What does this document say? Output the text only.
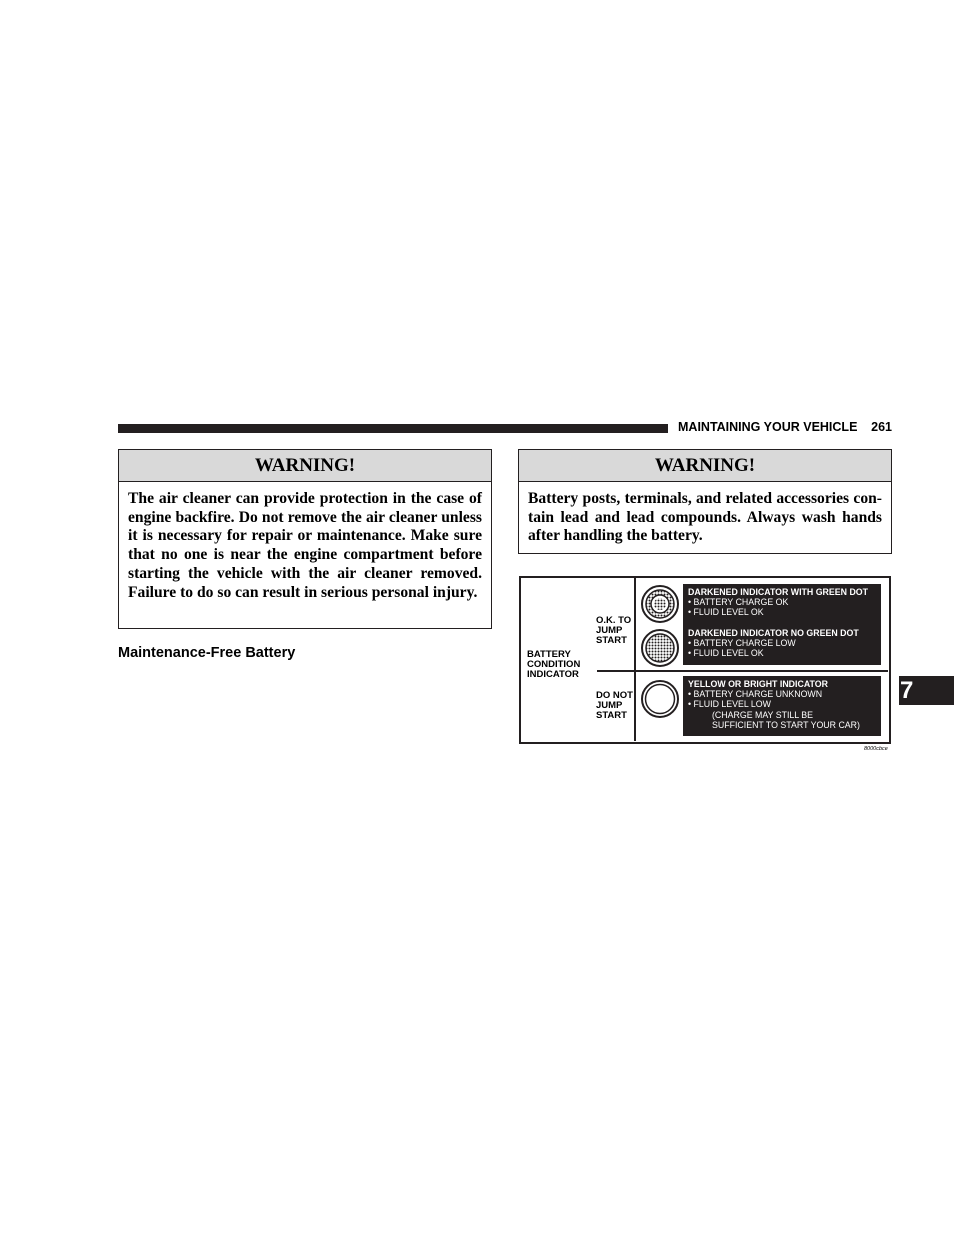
MAINTAINING YOUR VEHICLE 261
WARNING!
The air cleaner can provide protection in the case of engine backfire. Do not remove the air cleaner unless it is necessary for repair or maintenance. Make sure that no one is near the engine compartment before starting the vehicle with the air cleaner removed. Failure to do so can result in serious personal injury.
WARNING!
Battery posts, terminals, and related accessories contain lead and lead compounds. Always wash hands after handling the battery.
Maintenance-Free Battery	BATTERY
CONDITION
INDICATOR
O.K. TO
JUMP
START
DO NOT
JUMP
START
DARKENED INDICATOR WITH GREEN DOT
• BATTERY CHARGE OK
• FLUID LEVEL OK
DARKENED INDICATOR NO GREEN DOT
• BATTERY CHARGE LOW
• FLUID LEVEL OK
YELLOW OR BRIGHT INDICATOR
• BATTERY CHARGE UNKNOWN
• FLUID LEVEL LOW
(CHARGE MAY STILL BE
SUFFICIENT TO START YOUR CAR)
8000cbce
7
